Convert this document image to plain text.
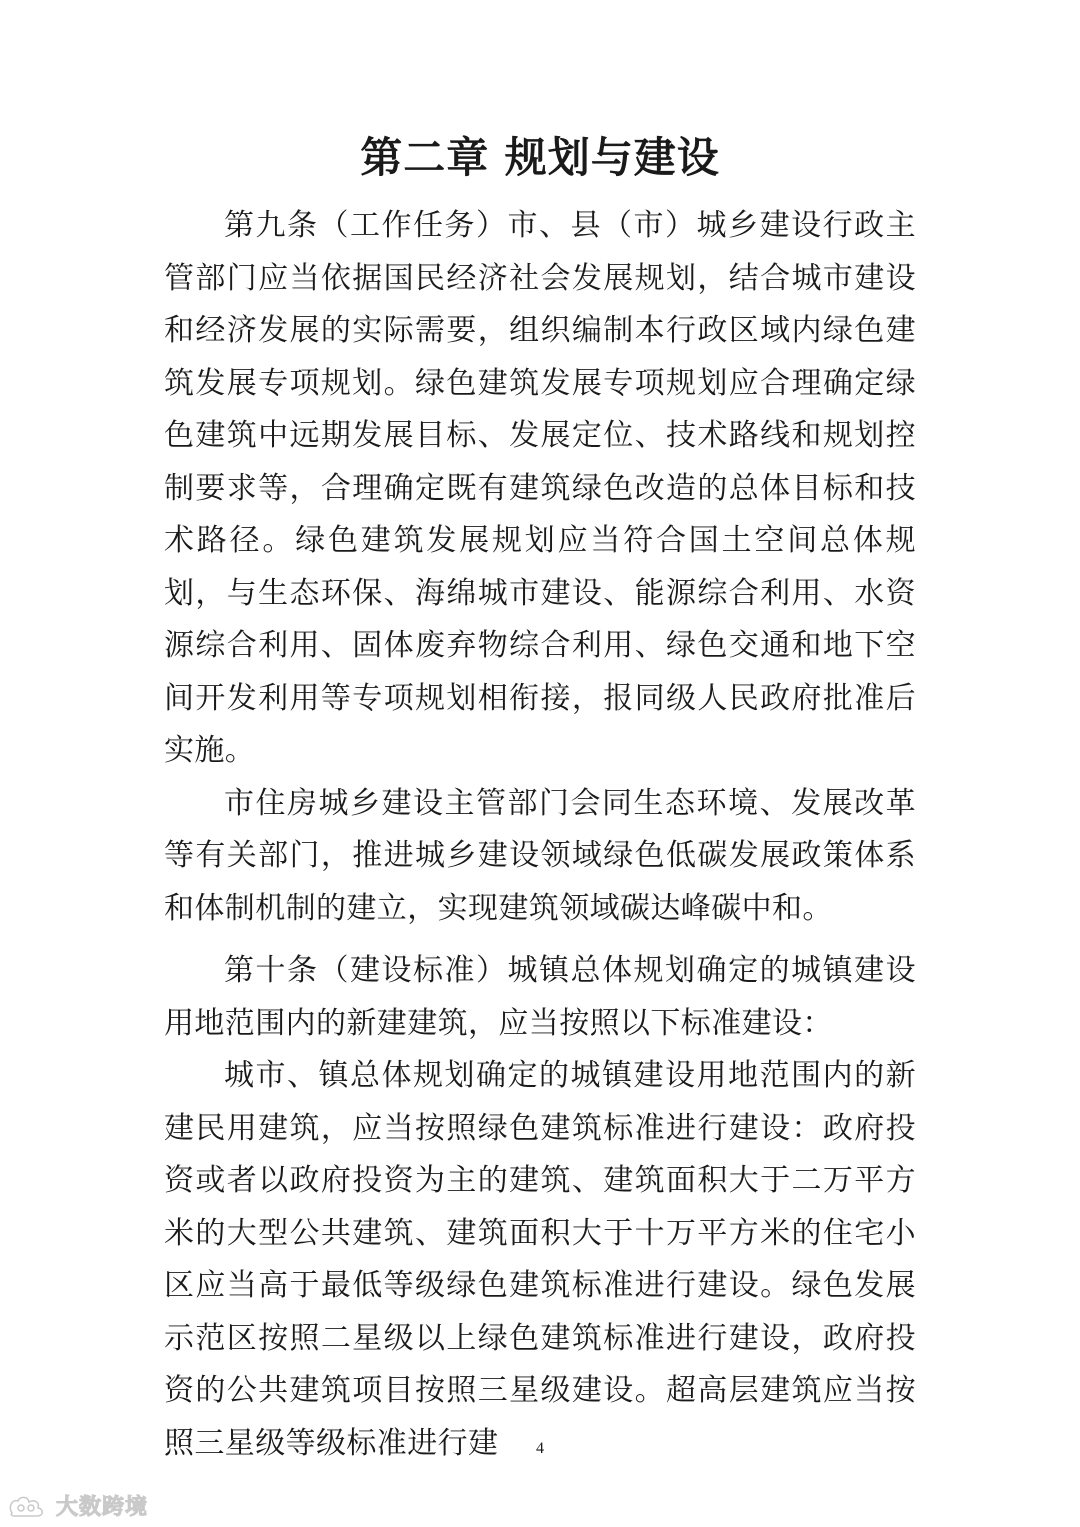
第二章 规划与建设

第九条（工作任务）市、县（市）城乡建设行政主管部门应当依据国民经济社会发展规划，结合城市建设和经济发展的实际需要，组织编制本行政区域内绿色建筑发展专项规划。绿色建筑发展专项规划应合理确定绿色建筑中远期发展目标、发展定位、技术路线和规划控制要求等，合理确定既有建筑绿色改造的总体目标和技术路径。绿色建筑发展规划应当符合国土空间总体规划，与生态环保、海绵城市建设、能源综合利用、水资源综合利用、固体废弃物综合利用、绿色交通和地下空间开发利用等专项规划相衔接，报同级人民政府批准后实施。

市住房城乡建设主管部门会同生态环境、发展改革等有关部门，推进城乡建设领域绿色低碳发展政策体系和体制机制的建立，实现建筑领域碳达峰碳中和。

第十条（建设标准）城镇总体规划确定的城镇建设用地范围内的新建建筑，应当按照以下标准建设：

城市、镇总体规划确定的城镇建设用地范围内的新建民用建筑，应当按照绿色建筑标准进行建设：政府投资或者以政府投资为主的建筑、建筑面积大于二万平方米的大型公共建筑、建筑面积大于十万平方米的住宅小区应当高于最低等级绿色建筑标准进行建设。绿色发展示范区按照二星级以上绿色建筑标准进行建设，政府投资的公共建筑项目按照三星级建设。超高层建筑应当按照三星级等级标准进行建	4
大数跨境
